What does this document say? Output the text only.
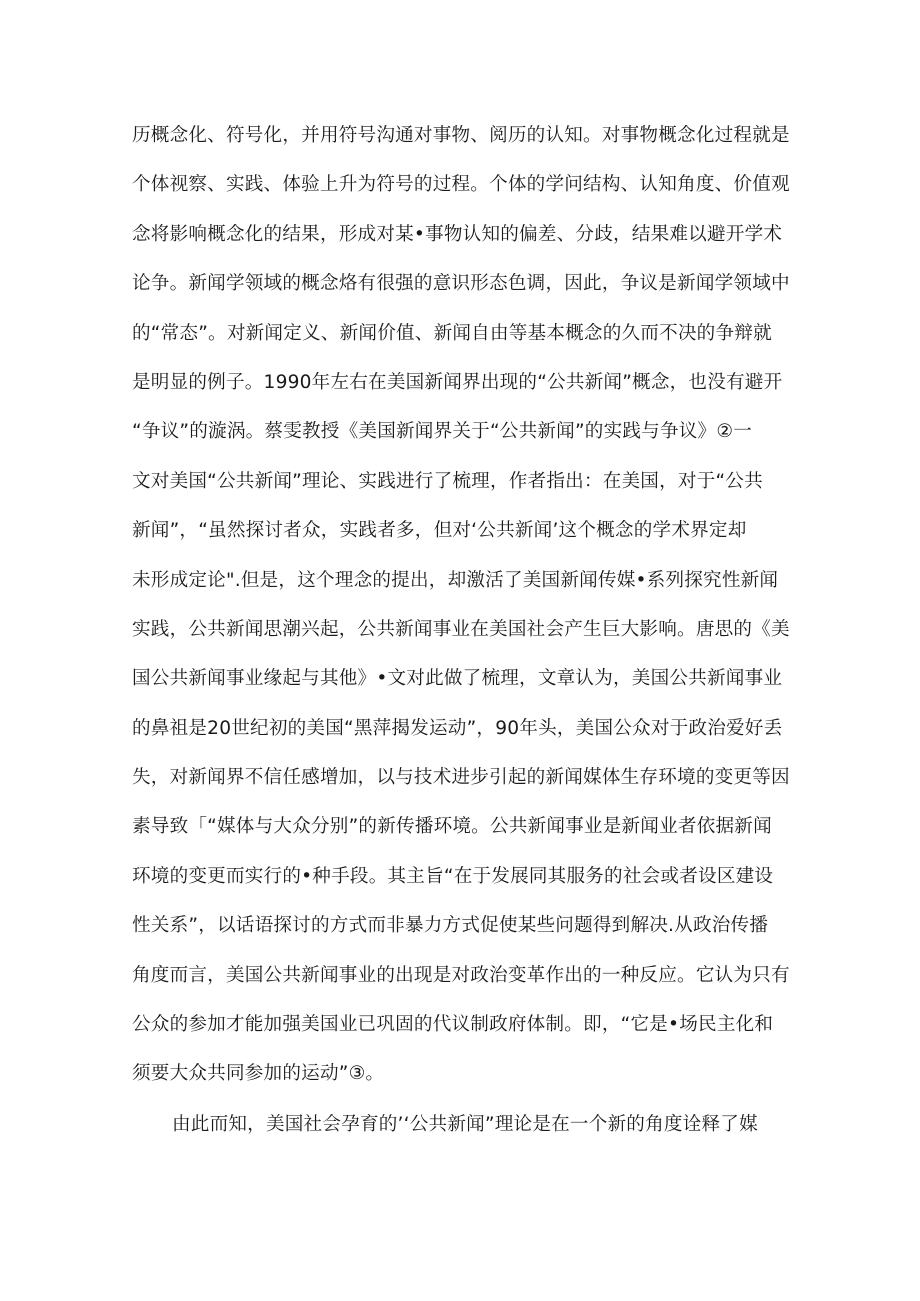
历概念化、符号化，并用符号沟通对事物、阅历的认知。对事物概念化过程就是
个体视察、实践、体验上升为符号的过程。个体的学问结构、认知角度、价值观
念将影响概念化的结果，形成对某•事物认知的偏差、分歧，结果难以避开学术
论争。新闻学领域的概念烙有很强的意识形态色调，因此，争议是新闻学领域中
的“常态”。对新闻定义、新闻价值、新闻自由等基本概念的久而不决的争辩就
是明显的例子。1990年左右在美国新闻界出现的“公共新闻”概念，也没有避开
“争议”的漩涡。蔡雯教授《美国新闻界关于“公共新闻”的实践与争议》②一
文对美国“公共新闻”理论、实践进行了梳理，作者指出：在美国，对于“公共
新闻”，“虽然探讨者众，实践者多，但对‘公共新闻’这个概念的学术界定却
未形成定论".但是，这个理念的提出，却激活了美国新闻传媒•系列探究性新闻
实践，公共新闻思潮兴起，公共新闻事业在美国社会产生巨大影响。唐思的《美
国公共新闻事业缘起与其他》•文对此做了梳理，文章认为，美国公共新闻事业
的鼻祖是20世纪初的美国“黑萍揭发运动”，90年头，美国公众对于政治爱好丢
失，对新闻界不信任感增加，以与技术进步引起的新闻媒体生存环境的变更等因
素导致「“媒体与大众分别”的新传播环境。公共新闻事业是新闻业者依据新闻
环境的变更而实行的•种手段。其主旨“在于发展同其服务的社会或者设区建设
性关系”，以话语探讨的方式而非暴力方式促使某些问题得到解决.从政治传播
角度而言，美国公共新闻事业的出现是对政治变革作出的一种反应。它认为只有
公众的参加才能加强美国业已巩固的代议制政府体制。即，“它是•场民主化和
须要大众共同参加的运动”③。
由此而知，美国社会孕育的’‘公共新闻”理论是在一个新的角度诠释了媒
